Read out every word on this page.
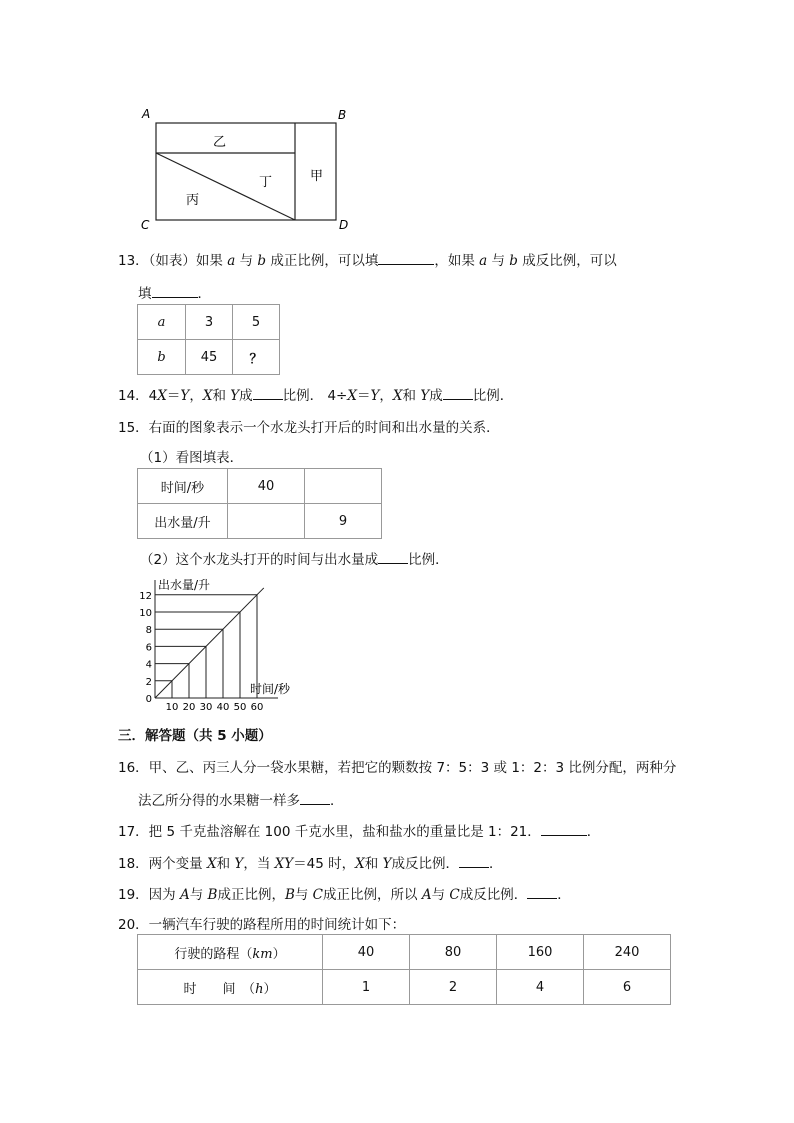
A	B
C	D
乙
丁
丙
甲
13．（如表）如果 a 与 b 成正比例，可以填	，如果 a 与 b 成反比例，可以
填	．
a	3	5
b	45	？
14．4X＝Y，X和 Y成 比例． 4÷X＝Y，X和 Y成 比例．
15．右面的图象表示一个水龙头打开后的时间和出水量的关系．
（1）看图填表．
时间/秒	40	
出水量/升		9
（2）这个水龙头打开的时间与出水量成 比例．
0
2
4
6
8
10
12
10 20 30 40 50 60
出水量/升
时间/秒
三．解答题（共 5 小题）
16．甲、乙、丙三人分一袋水果糖，若把它的颗数按 7：5：3 或 1：2：3 比例分配，两种分
法乙所分得的水果糖一样多 ．
17．把 5 千克盐溶解在 100 千克水里，盐和盐水的重量比是 1：21．	．
18．两个变量 X和 Y，当 XY＝45 时，X和 Y成反比例． ．
19．因为 A与 B成正比例，B与 C成正比例，所以 A与 C成反比例． ．
20．一辆汽车行驶的路程所用的时间统计如下：
行驶的路程（km）	40	80	160	240
时　　间　（h）	1	2	4	6
